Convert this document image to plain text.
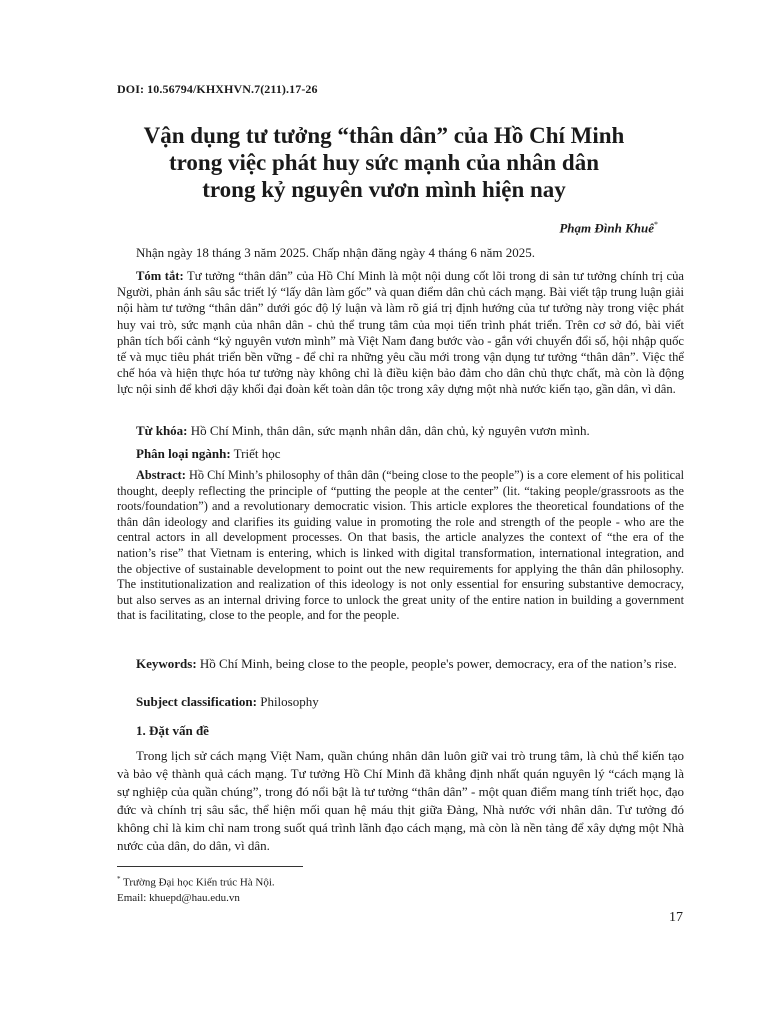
DOI: 10.56794/KHXHVN.7(211).17-26
Vận dụng tư tưởng “thân dân” của Hồ Chí Minh
trong việc phát huy sức mạnh của nhân dân
trong kỷ nguyên vươn mình hiện nay
Phạm Đình Khuê*

Nhận ngày 18 tháng 3 năm 2025. Chấp nhận đăng ngày 4 tháng 6 năm 2025.

Tóm tắt: Tư tưởng “thân dân” của Hồ Chí Minh là một nội dung cốt lõi trong di sản tư tưởng chính trị của Người, phản ánh sâu sắc triết lý “lấy dân làm gốc” và quan điểm dân chủ cách mạng. Bài viết tập trung luận giải nội hàm tư tưởng “thân dân” dưới góc độ lý luận và làm rõ giá trị định hướng của tư tưởng này trong việc phát huy vai trò, sức mạnh của nhân dân - chủ thể trung tâm của mọi tiến trình phát triển. Trên cơ sở đó, bài viết phân tích bối cảnh “kỷ nguyên vươn mình” mà Việt Nam đang bước vào - gắn với chuyển đổi số, hội nhập quốc tế và mục tiêu phát triển bền vững - để chỉ ra những yêu cầu mới trong vận dụng tư tưởng “thân dân”. Việc thể chế hóa và hiện thực hóa tư tưởng này không chỉ là điều kiện bảo đảm cho dân chủ thực chất, mà còn là động lực nội sinh để khơi dậy khối đại đoàn kết toàn dân tộc trong xây dựng một nhà nước kiến tạo, gần dân, vì dân.

Từ khóa: Hồ Chí Minh, thân dân, sức mạnh nhân dân, dân chủ, kỷ nguyên vươn mình.

Phân loại ngành: Triết học

Abstract: Hồ Chí Minh’s philosophy of thân dân (“being close to the people”) is a core element of his political thought, deeply reflecting the principle of “putting the people at the center” (lit. “taking people/grassroots as the roots/foundation”) and a revolutionary democratic vision. This article explores the theoretical foundations of the thân dân ideology and clarifies its guiding value in promoting the role and strength of the people - who are the central actors in all development processes. On that basis, the article analyzes the context of “the era of the nation’s rise” that Vietnam is entering, which is linked with digital transformation, international integration, and the objective of sustainable development to point out the new requirements for applying the thân dân philosophy. The institutionalization and realization of this ideology is not only essential for ensuring substantive democracy, but also serves as an internal driving force to unlock the great unity of the entire nation in building a government that is facilitating, close to the people, and for the people.

Keywords: Hồ Chí Minh, being close to the people, people's power, democracy, era of the nation’s rise.

Subject classification: Philosophy

1. Đặt vấn đề

Trong lịch sử cách mạng Việt Nam, quần chúng nhân dân luôn giữ vai trò trung tâm, là chủ thể kiến tạo và bảo vệ thành quả cách mạng. Tư tưởng Hồ Chí Minh đã khẳng định nhất quán nguyên lý “cách mạng là sự nghiệp của quần chúng”, trong đó nổi bật là tư tưởng “thân dân” - một quan điểm mang tính triết học, đạo đức và chính trị sâu sắc, thể hiện mối quan hệ máu thịt giữa Đảng, Nhà nước với nhân dân. Tư tưởng đó không chỉ là kim chỉ nam trong suốt quá trình lãnh đạo cách mạng, mà còn là nền tảng để xây dựng một Nhà nước của dân, do dân, vì dân.

* Trường Đại học Kiến trúc Hà Nội.
Email: khuepd@hau.edu.vn
17
